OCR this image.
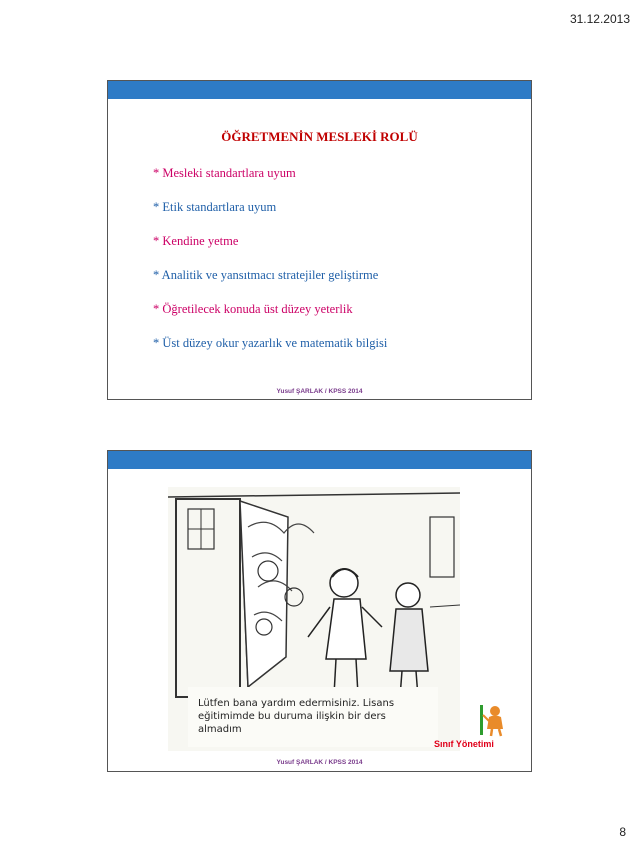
31.12.2013
ÖĞRETMENİN MESLEKİ ROLÜ
* Mesleki standartlara uyum
* Etik standartlara uyum
* Kendine yetme
* Analitik ve yansıtmacı stratejiler geliştirme
* Öğretilecek konuda üst düzey yeterlik
* Üst düzey okur yazarlık ve matematik bilgisi
Yusuf ŞARLAK / KPSS 2014
Lütfen bana yardım edermisiniz. Lisans
eğitimimde bu duruma ilişkin bir ders
almadım
Sınıf Yönetimi
Yusuf ŞARLAK / KPSS 2014
8
